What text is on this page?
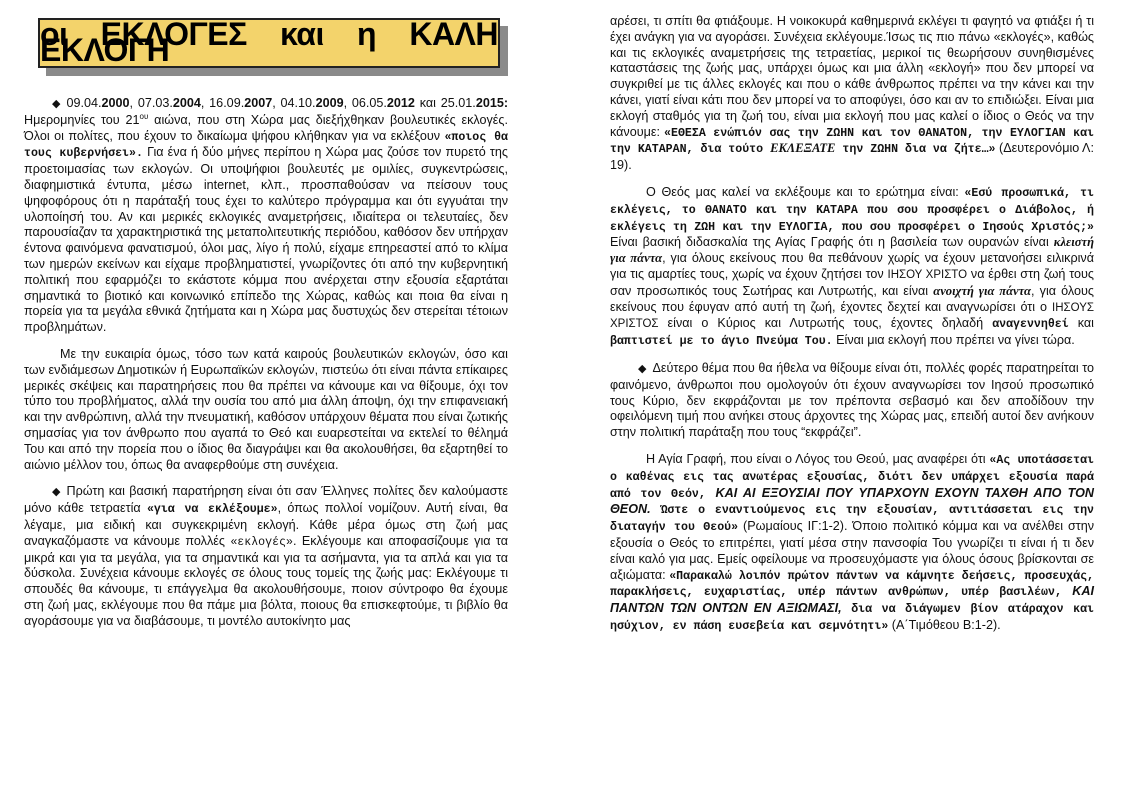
οι ΕΚΛΟΓΕΣ και η ΚΑΛΗ ΕΚΛΟΓΗ

◆ 09.04.2000, 07.03.2004, 16.09.2007, 04.10.2009, 06.05.2012 και 25.01.2015: Ημερομηνίες του $21^{o\upsilon}$ αιώνα, που στη Χώρα μας διεξήχθηκαν βουλευτικές εκλογές. Όλοι οι πολίτες, που έχουν το δικαίωμα ψήφου κλήθηκαν για να εκλέξουν «ποιος θα τους κυβερνήσει». Για ένα ή δύο μήνες περίπου η Χώρα μας ζούσε τον πυρετό της προετοιμασίας των εκλογών. Οι υποψήφιοι βουλευτές με ομιλίες, συγκεντρώσεις, διαφημιστικά έντυπα, μέσω internet, κλπ., προσπαθούσαν να πείσουν τους ψηφοφόρους ότι η παράταξή τους έχει το καλύτερο πρόγραμμα και ότι εγγυάται την υλοποίησή του. Αν και μερικές εκλογικές αναμετρήσεις, ιδιαίτερα οι τελευταίες, δεν παρουσίαζαν τα χαρακτηριστικά της μεταπολιτευτικής περιόδου, καθόσον δεν υπήρχαν έντονα φαινόμενα φανατισμού, όλοι μας, λίγο ή πολύ, είχαμε επηρεαστεί από το κλίμα των ημερών εκείνων και είχαμε προβληματιστεί, γνωρίζοντες ότι από την κυβερνητική πολιτική που εφαρμόζει το εκάστοτε κόμμα που ανέρχεται στην εξουσία εξαρτάται σημαντικά το βιοτικό και κοινωνικό επίπεδο της Χώρας, καθώς και ποια θα είναι η πορεία για τα μεγάλα εθνικά ζητήματα και η Χώρα μας δυστυχώς δεν στερείται τέτοιων προβλημάτων.

Με την ευκαιρία όμως, τόσο των κατά καιρούς βουλευτικών εκλογών, όσο και των ενδιάμεσων Δημοτικών ή Ευρωπαϊκών εκλογών, πιστεύω ότι είναι πάντα επίκαιρες μερικές σκέψεις και παρατηρήσεις που θα πρέπει να κάνουμε και να θίξουμε, όχι τον τύπο του προβλήματος, αλλά την ουσία του από μια άλλη άποψη, όχι την επιφανειακή και την ανθρώπινη, αλλά την πνευματική, καθόσον υπάρχουν θέματα που είναι ζωτικής σημασίας για τον άνθρωπο που αγαπά το Θεό και ευαρεστείται να εκτελεί το θέλημά Του και από την πορεία που ο ίδιος θα διαγράψει και θα ακολουθήσει, θα εξαρτηθεί το αιώνιο μέλλον του, όπως θα αναφερθούμε στη συνέχεια.

◆ Πρώτη και βασική παρατήρηση είναι ότι σαν Έλληνες πολίτες δεν καλούμαστε μόνο κάθε τετραετία «για να εκλέξουμε», όπως πολλοί νομίζουν. Αυτή είναι, θα λέγαμε, μια ειδική και συγκεκριμένη εκλογή. Κάθε μέρα όμως στη ζωή μας αναγκαζόμαστε να κάνουμε πολλές «εκλογές». Εκλέγουμε και αποφασίζουμε για τα μικρά και για τα μεγάλα, για τα σημαντικά και για τα ασήμαντα, για τα απλά και για τα δύσκολα. Συνέχεια κάνουμε εκλογές σε όλους τους τομείς της ζωής μας: Εκλέγουμε τι σπουδές θα κάνουμε, τι επάγγελμα θα ακολουθήσουμε, ποιον σύντροφο θα έχουμε στη ζωή μας, εκλέγουμε που θα πάμε μια βόλτα, ποιους θα επισκεφτούμε, τι βιβλίο θα αγοράσουμε για να διαβάσουμε, τι μοντέλο αυτοκίνητο μας

αρέσει, τι σπίτι θα φτιάξουμε. Η νοικοκυρά καθημερινά εκλέγει τι φαγητό να φτιάξει ή τι έχει ανάγκη για να αγοράσει. Συνέχεια εκλέγουμε.Ίσως τις πιο πάνω «εκλογές», καθώς και τις εκλογικές αναμετρήσεις της τετραετίας, μερικοί τις θεωρήσουν συνηθισμένες καταστάσεις της ζωής μας, υπάρχει όμως και μια άλλη «εκλογή» που δεν μπορεί να συγκριθεί με τις άλλες εκλογές και που ο κάθε άνθρωπος πρέπει να την κάνει και την κάνει, γιατί είναι κάτι που δεν μπορεί να το αποφύγει, όσο και αν το επιδιώξει. Είναι μια εκλογή σταθμός για τη ζωή του, είναι μια εκλογή που μας καλεί ο ίδιος ο Θεός να την κάνουμε: «ΕΘΕΣΑ ενώπιόν σας την ΖΩΗΝ και τον ΘΑΝΑΤΟΝ, την ΕΥΛΟΓΙΑΝ και την ΚΑΤΑΡΑΝ, δια τούτο ΕΚΛΕΞΑΤΕ την ΖΩΗΝ δια να ζήτε…» (Δευτερονόμιο Λ: 19).

Ο Θεός μας καλεί να εκλέξουμε και το ερώτημα είναι: «Εσύ προσωπικά, τι εκλέγεις, το ΘΑΝΑΤΟ και την ΚΑΤΑΡΑ που σου προσφέρει ο Διάβολος, ή εκλέγεις τη ΖΩΗ και την ΕΥΛΟΓΙΑ, που σου προσφέρει ο Ιησούς Χριστός;» Είναι βασική διδασκαλία της Αγίας Γραφής ότι η βασιλεία των ουρανών είναι κλειστή για πάντα, για όλους εκείνους που θα πεθάνουν χωρίς να έχουν μετανοήσει ειλικρινά για τις αμαρτίες τους, χωρίς να έχουν ζητήσει τον ΙΗΣΟΥ ΧΡΙΣΤΟ να έρθει στη ζωή τους σαν προσωπικός τους Σωτήρας και Λυτρωτής, και είναι ανοιχτή για πάντα, για όλους εκείνους που έφυγαν από αυτή τη ζωή, έχοντες δεχτεί και αναγνωρίσει ότι ο ΙΗΣΟΥΣ ΧΡΙΣΤΟΣ είναι ο Κύριος και Λυτρωτής τους, έχοντες δηλαδή αναγεννηθεί και βαπτιστεί με το άγιο Πνεύμα Του. Είναι μια εκλογή που πρέπει να γίνει τώρα.

◆ Δεύτερο θέμα που θα ήθελα να θίξουμε είναι ότι, πολλές φορές παρατηρείται το φαινόμενο, άνθρωποι που ομολογούν ότι έχουν αναγνωρίσει τον Ιησού προσωπικό τους Κύριο, δεν εκφράζονται με τον πρέποντα σεβασμό και δεν αποδίδουν την οφειλόμενη τιμή που ανήκει στους άρχοντες της Χώρας μας, επειδή αυτοί δεν ανήκουν στην πολιτική παράταξη που τους “εκφράζει”.

Η Αγία Γραφή, που είναι ο Λόγος του Θεού, μας αναφέρει ότι «Ας υποτάσσεται ο καθένας εις τας ανωτέρας εξουσίας, διότι δεν υπάρχει εξουσία παρά από τον Θεόν, ΚΑΙ ΑΙ ΕΞΟΥΣΙΑΙ ΠΟΥ ΥΠΑΡΧΟΥΝ ΕΧΟΥΝ ΤΑΧΘΗ ΑΠΟ ΤΟΝ ΘΕΟΝ. Ώστε ο εναντιούμενος εις την εξουσίαν, αντιτάσσεται εις την διαταγήν του Θεού» (Ρωμαίους ΙΓ:1-2). Όποιο πολιτικό κόμμα και να ανέλθει στην εξουσία ο Θεός το επιτρέπει, γιατί μέσα στην πανσοφία Του γνωρίζει τι είναι ή τι δεν είναι καλό για μας. Εμείς οφείλουμε να προσευχόμαστε για όλους όσους βρίσκονται σε αξιώματα: «Παρακαλώ λοιπόν πρώτον πάντων να κάμνητε δεήσεις, προσευχάς, παρακλήσεις, ευχαριστίας, υπέρ πάντων ανθρώπων, υπέρ βασιλέων, ΚΑΙ ΠΑΝΤΩΝ ΤΩΝ ΟΝΤΩΝ ΕΝ ΑΞΙΩΜΑΣΙ, δια να διάγωμεν βίον ατάραχον και ησύχιον, εν πάση ευσεβεία και σεμνότητι» (Α΄Τιμόθεου Β:1-2).
